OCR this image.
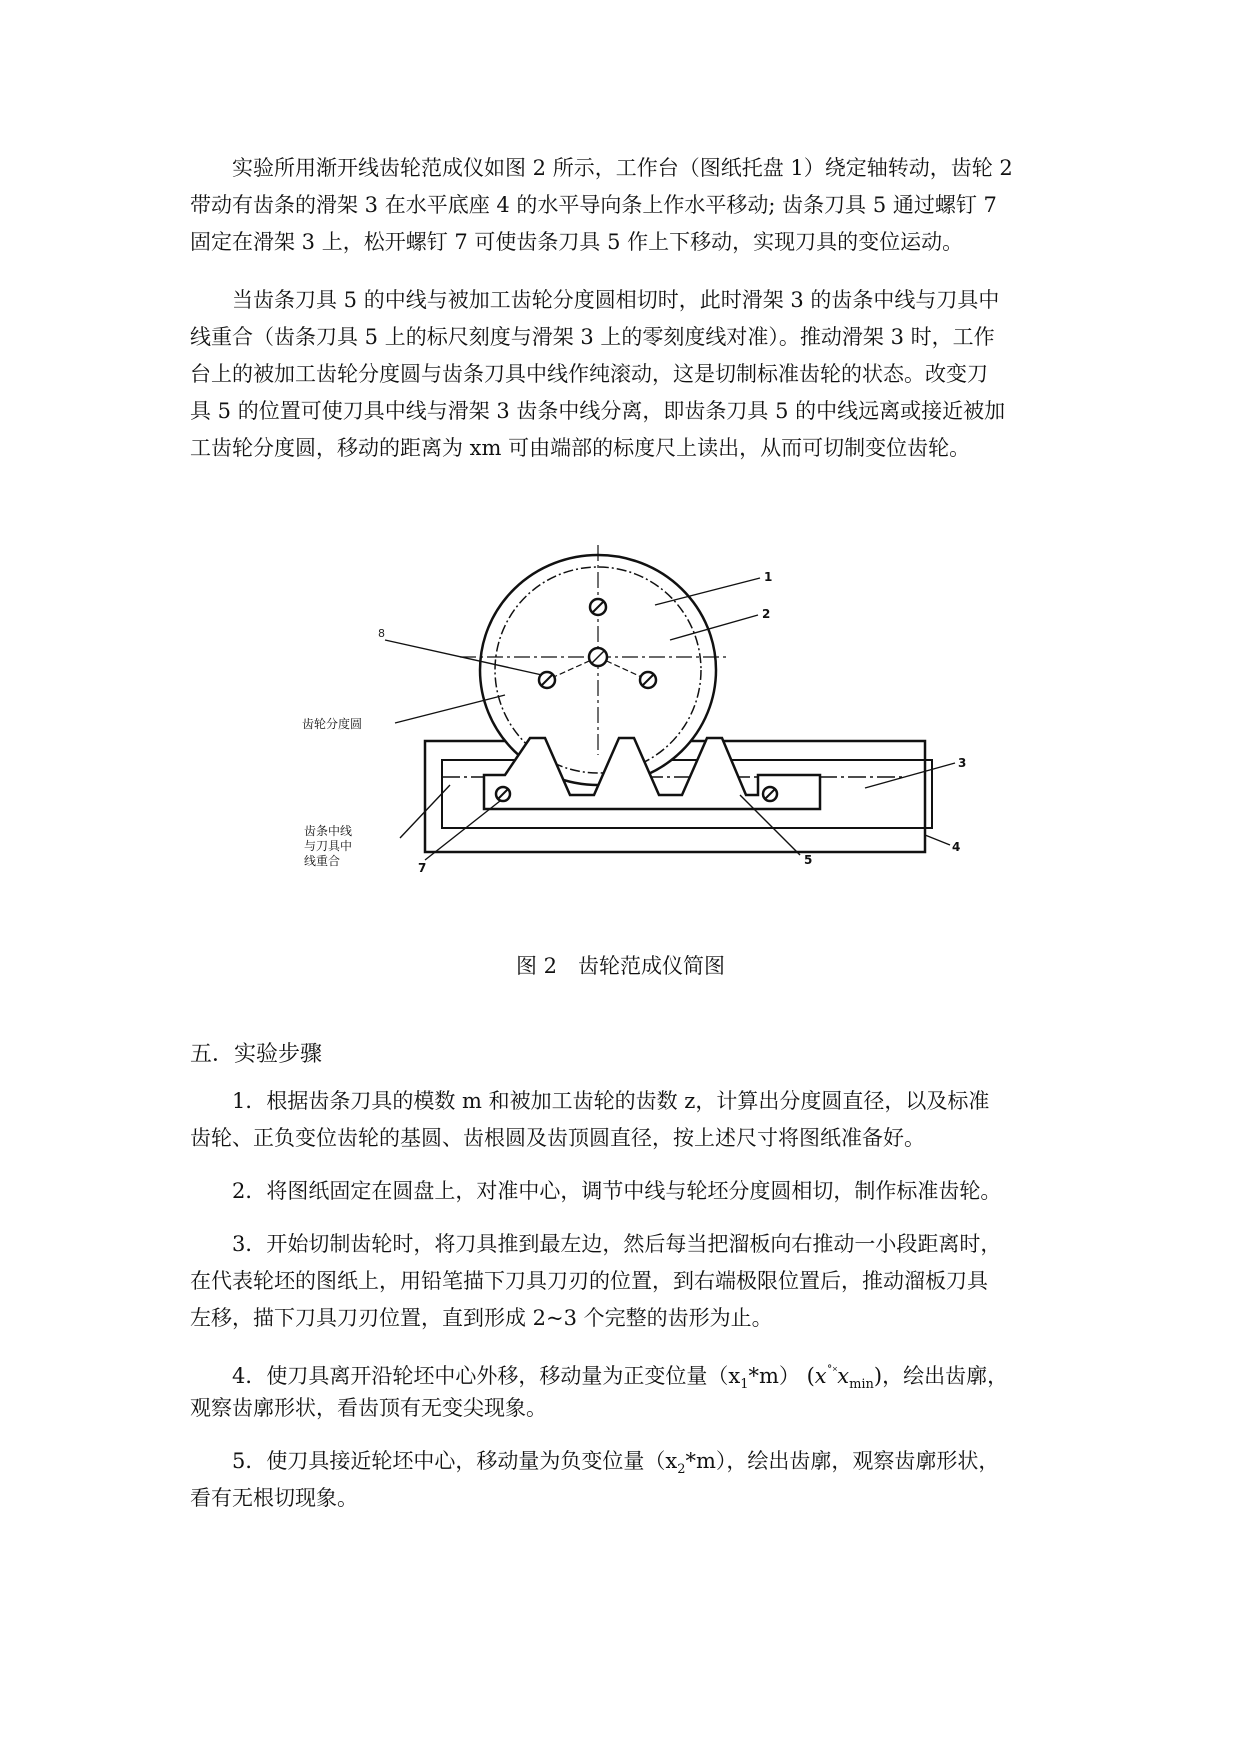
实验所用渐开线齿轮范成仪如图 2 所示，工作台（图纸托盘 1）绕定轴转动，齿轮 2
带动有齿条的滑架 3 在水平底座 4 的水平导向条上作水平移动; 齿条刀具 5 通过螺钉 7
固定在滑架 3 上，松开螺钉 7 可使齿条刀具 5 作上下移动，实现刀具的变位运动。
当齿条刀具 5 的中线与被加工齿轮分度圆相切时，此时滑架 3 的齿条中线与刀具中
线重合（齿条刀具 5 上的标尺刻度与滑架 3 上的零刻度线对准）。推动滑架 3 时，工作
台上的被加工齿轮分度圆与齿条刀具中线作纯滚动，这是切制标准齿轮的状态。改变刀
具 5 的位置可使刀具中线与滑架 3 齿条中线分离，即齿条刀具 5 的中线远离或接近被加
工齿轮分度圆，移动的距离为 xm 可由端部的标度尺上读出，从而可切制变位齿轮。
1
2
8
齿轮分度圆
3
4
5
7
齿条中线
与刀具中
线重合
图 2　齿轮范成仪简图
五．实验步骤
1．根据齿条刀具的模数 m 和被加工齿轮的齿数 z，计算出分度圆直径，以及标准
齿轮、正负变位齿轮的基圆、齿根圆及齿顶圆直径，按上述尺寸将图纸准备好。
2．将图纸固定在圆盘上，对准中心，调节中线与轮坯分度圆相切，制作标准齿轮。
3．开始切制齿轮时，将刀具推到最左边，然后每当把溜板向右推动一小段距离时，
在代表轮坯的图纸上，用铅笔描下刀具刀刃的位置，到右端极限位置后，推动溜板刀具
左移，描下刀具刀刃位置，直到形成 2~3 个完整的齿形为止。
4．使刀具离开沿轮坯中心外移，移动量为正变位量$(x_1*m)$ $(x^{˚˟}x_{min})$，绘出齿廓，
观察齿廓形状，看齿顶有无变尖现象。
5．使刀具接近轮坯中心，移动量为负变位量$(x_2*m)$，绘出齿廓，观察齿廓形状，
看有无根切现象。
